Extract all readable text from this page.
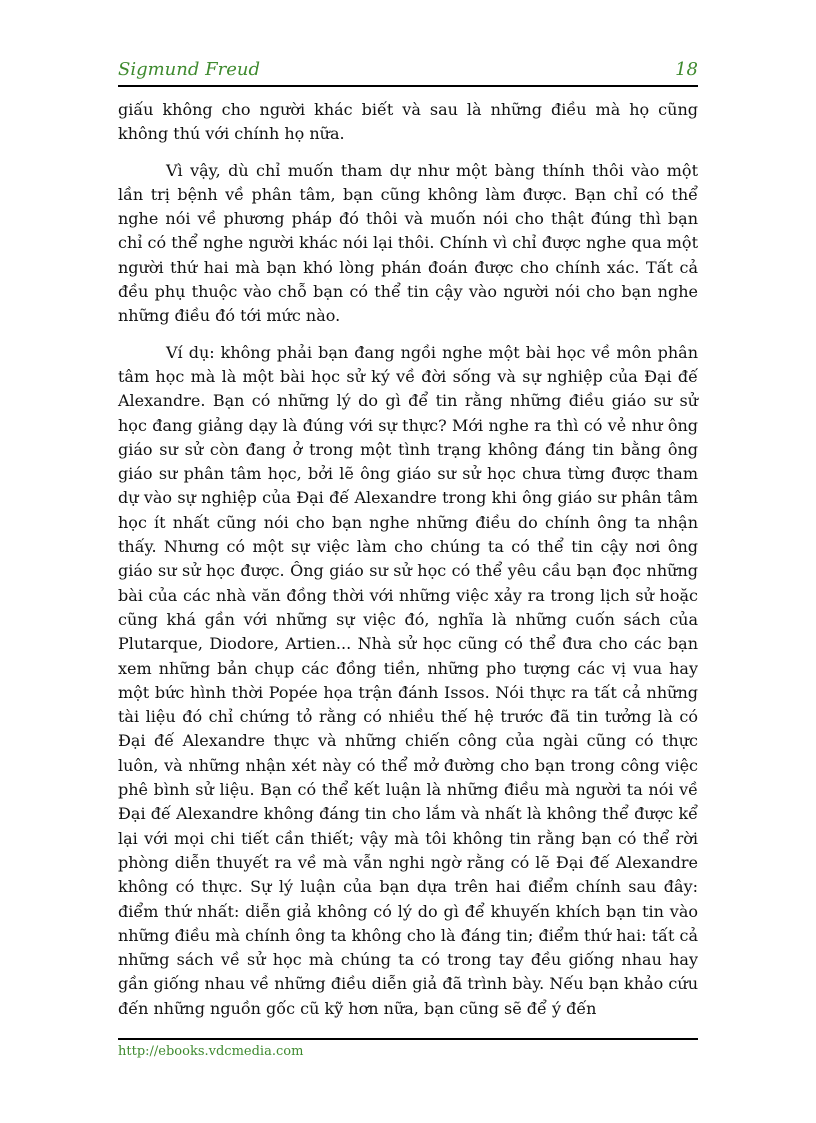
Sigmund Freud	18

giấu không cho người khác biết và sau là những điều mà họ cũng không thú với chính họ nữa.

Vì vậy, dù chỉ muốn tham dự như một bàng thính thôi vào một lần trị bệnh về phân tâm, bạn cũng không làm được. Bạn chỉ có thể nghe nói về phương pháp đó thôi và muốn nói cho thật đúng thì bạn chỉ có thể nghe người khác nói lại thôi. Chính vì chỉ được nghe qua một người thứ hai mà bạn khó lòng phán đoán được cho chính xác. Tất cả đều phụ thuộc vào chỗ bạn có thể tin cậy vào người nói cho bạn nghe những điều đó tới mức nào.

Ví dụ: không phải bạn đang ngồi nghe một bài học về môn phân tâm học mà là một bài học sử ký về đời sống và sự nghiệp của Đại đế Alexandre. Bạn có những lý do gì để tin rằng những điều giáo sư sử học đang giảng dạy là đúng với sự thực? Mới nghe ra thì có vẻ như ông giáo sư sử còn đang ở trong một tình trạng không đáng tin bằng ông giáo sư phân tâm học, bởi lẽ ông giáo sư sử học chưa từng được tham dự vào sự nghiệp của Đại đế Alexandre trong khi ông giáo sư phân tâm học ít nhất cũng nói cho bạn nghe những điều do chính ông ta nhận thấy. Nhưng có một sự việc làm cho chúng ta có thể tin cậy nơi ông giáo sư sử học được. Ông giáo sư sử học có thể yêu cầu bạn đọc những bài của các nhà văn đồng thời với những việc xảy ra trong lịch sử hoặc cũng khá gần với những sự việc đó, nghĩa là những cuốn sách của Plutarque, Diodore, Artien... Nhà sử học cũng có thể đưa cho các bạn xem những bản chụp các đồng tiền, những pho tượng các vị vua hay một bức hình thời Popée họa trận đánh Issos. Nói thực ra tất cả những tài liệu đó chỉ chứng tỏ rằng có nhiều thế hệ trước đã tin tưởng là có Đại đế Alexandre thực và những chiến công của ngài cũng có thực luôn, và những nhận xét này có thể mở đường cho bạn trong công việc phê bình sử liệu. Bạn có thể kết luận là những điều mà người ta nói về Đại đế Alexandre không đáng tin cho lắm và nhất là không thể được kể lại với mọi chi tiết cần thiết; vậy mà tôi không tin rằng bạn có thể rời phòng diễn thuyết ra về mà vẫn nghi ngờ rằng có lẽ Đại đế Alexandre không có thực. Sự lý luận của bạn dựa trên hai điểm chính sau đây: điểm thứ nhất: diễn giả không có lý do gì để khuyến khích bạn tin vào những điều mà chính ông ta không cho là đáng tin; điểm thứ hai: tất cả những sách về sử học mà chúng ta có trong tay đều giống nhau hay gần giống nhau về những điều diễn giả đã trình bày. Nếu bạn khảo cứu đến những nguồn gốc cũ kỹ hơn nữa, bạn cũng sẽ để ý đến

http://ebooks.vdcmedia.com
